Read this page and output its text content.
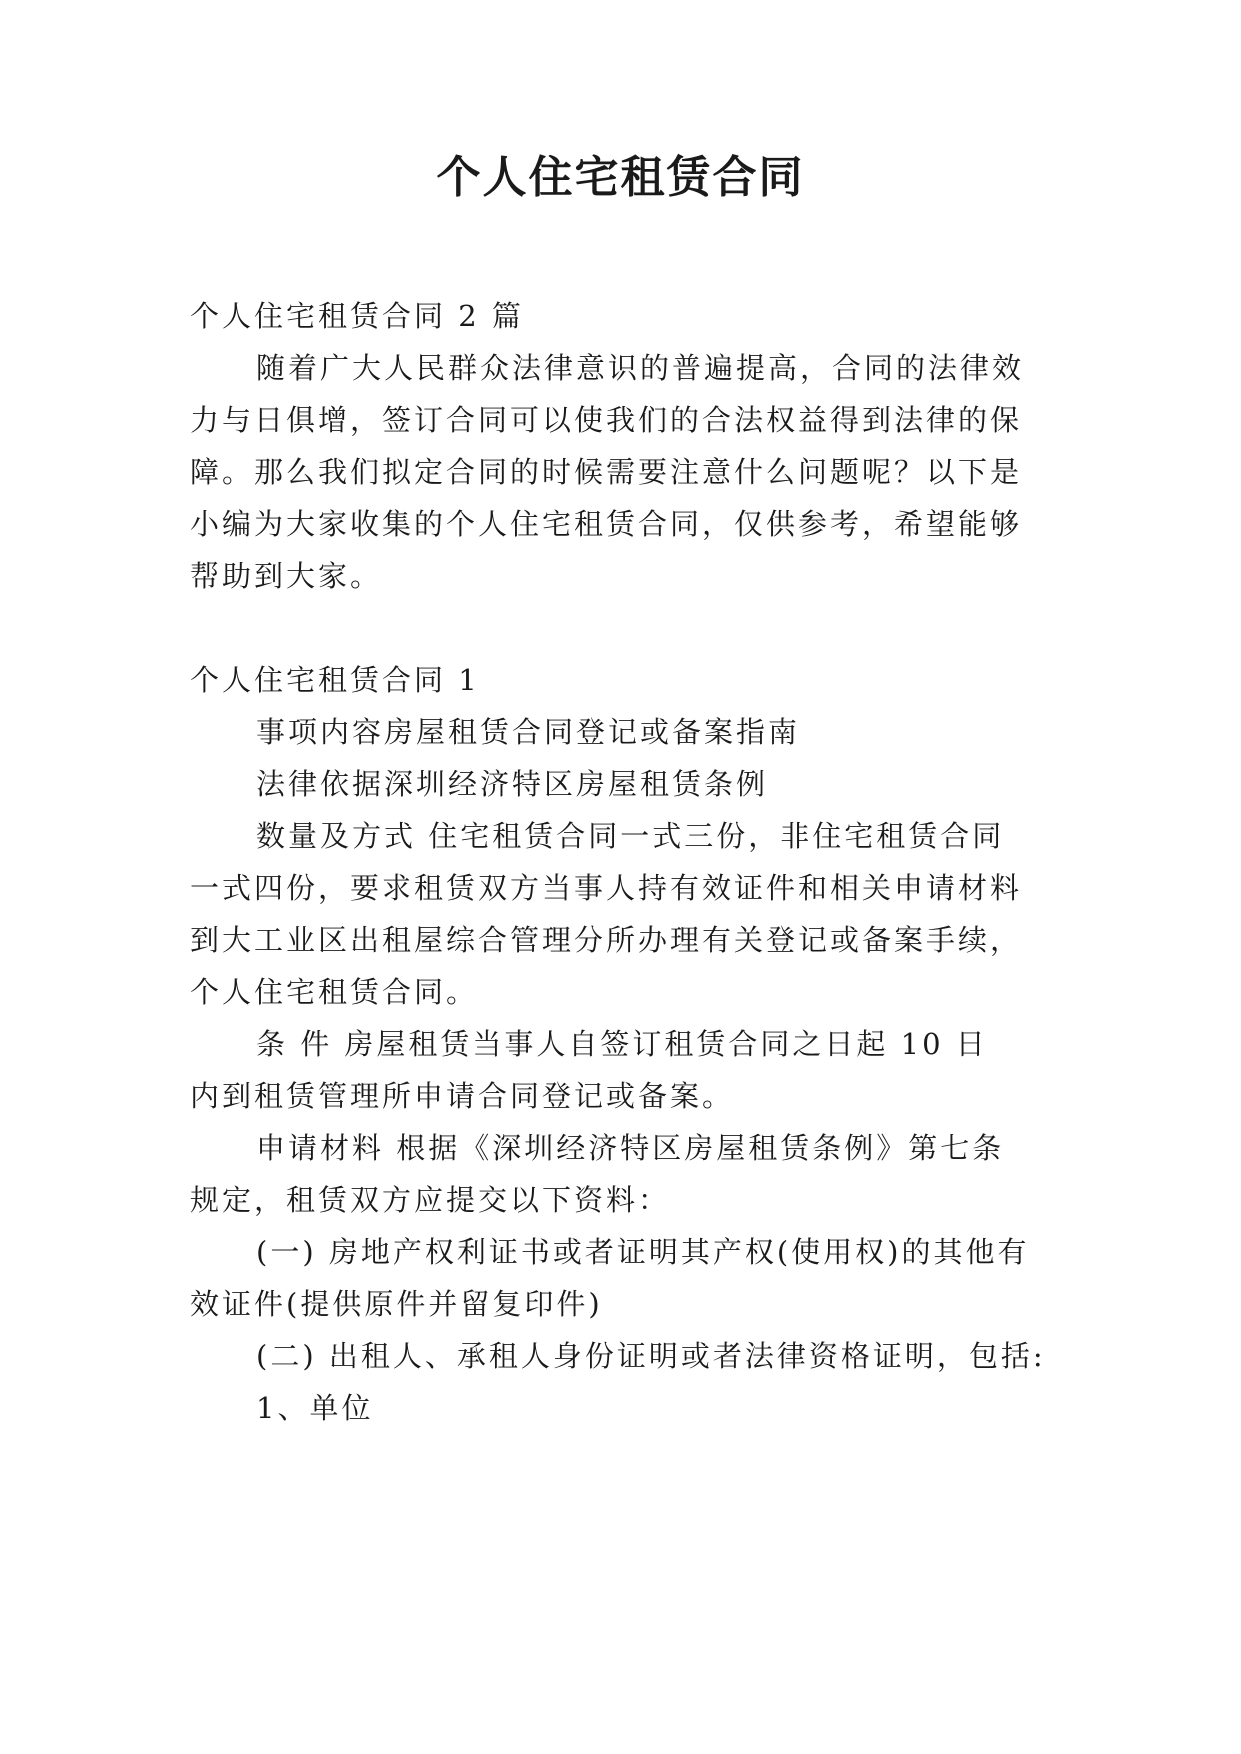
个人住宅租赁合同
个人住宅租赁合同 2 篇
随着广大人民群众法律意识的普遍提高，合同的法律效
力与日俱增，签订合同可以使我们的合法权益得到法律的保
障。那么我们拟定合同的时候需要注意什么问题呢？以下是
小编为大家收集的个人住宅租赁合同，仅供参考，希望能够
帮助到大家。
个人住宅租赁合同 1
事项内容房屋租赁合同登记或备案指南
法律依据深圳经济特区房屋租赁条例
数量及方式 住宅租赁合同一式三份，非住宅租赁合同
一式四份，要求租赁双方当事人持有效证件和相关申请材料
到大工业区出租屋综合管理分所办理有关登记或备案手续，
个人住宅租赁合同。
条 件 房屋租赁当事人自签订租赁合同之日起 10 日
内到租赁管理所申请合同登记或备案。
申请材料 根据《深圳经济特区房屋租赁条例》第七条
规定，租赁双方应提交以下资料：
(一) 房地产权利证书或者证明其产权(使用权)的其他有
效证件(提供原件并留复印件)
(二) 出租人、承租人身份证明或者法律资格证明，包括:
1、单位
